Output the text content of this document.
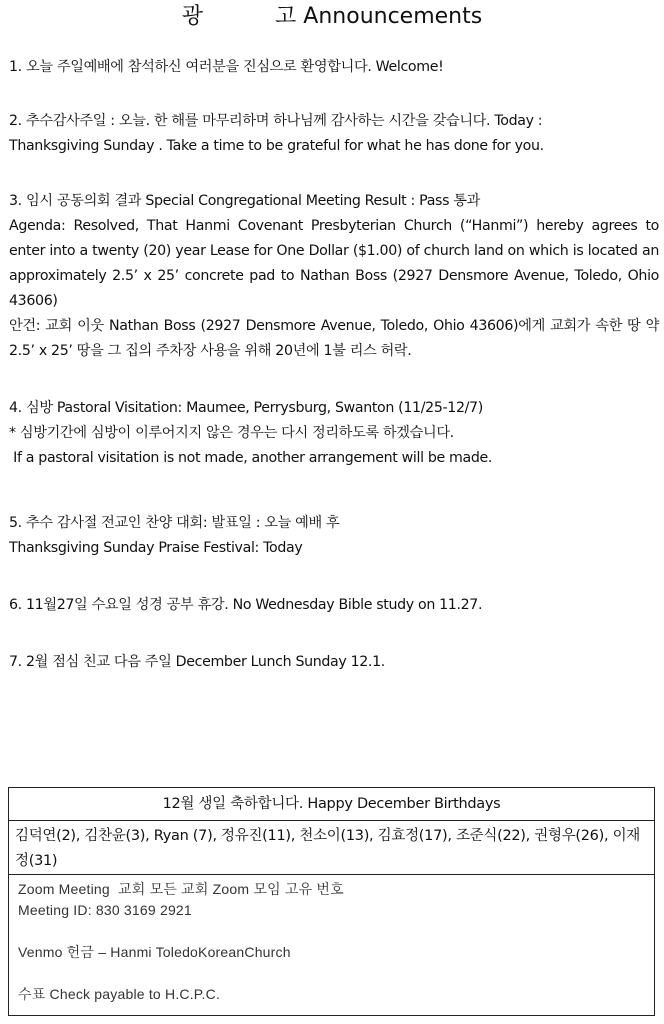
광	고 Announcements

1. 오늘 주일예배에 참석하신 여러분을 진심으로 환영합니다. Welcome!

2. 추수감사주일 : 오늘. 한 해를 마무리하며 하나님께 감사하는 시간을 갖습니다. Today :

Thanksgiving Sunday . Take a time to be grateful for what he has done for you.

3. 임시 공동의회 결과 Special Congregational Meeting Result : Pass 통과

Agenda: Resolved, That Hanmi Covenant Presbyterian Church (“Hanmi”) hereby agrees to enter into a twenty (20) year Lease for One Dollar ($1.00) of church land on which is located an approximately 2.5’ x 25’ concrete pad to Nathan Boss (2927 Densmore Avenue, Toledo, Ohio 43606)

안건: 교회 이웃 Nathan Boss (2927 Densmore Avenue, Toledo, Ohio 43606)에게 교회가 속한 땅 약 2.5’ x 25’ 땅을 그 집의 주차장 사용을 위해 20년에 1불 리스 허락.

4. 심방 Pastoral Visitation: Maumee, Perrysburg, Swanton (11/25-12/7)

* 심방기간에 심방이 이루어지지 않은 경우는 다시 정리하도록 하겠습니다.

If a pastoral visitation is not made, another arrangement will be made.

5. 추수 감사절 전교인 찬양 대회: 발표일 : 오늘 예배 후

Thanksgiving Sunday Praise Festival: Today

6. 11월27일 수요일 성경 공부 휴강. No Wednesday Bible study on 11.27.

7. 2월 점심 친교 다음 주일 December Lunch Sunday 12.1.

12월 생일 축하합니다. Happy December Birthdays
김덕연(2), 김찬윤(3), Ryan (7), 정유진(11), 천소이(13), 김효정(17), 조준식(22), 권형우(26), 이재정(31)
Zoom Meeting  교회 모든 교회 Zoom 모임 고유 번호
Meeting ID: 830 3169 2921
Venmo 헌금 – Hanmi ToledoKoreanChurch
수표 Check payable to H.C.P.C.
